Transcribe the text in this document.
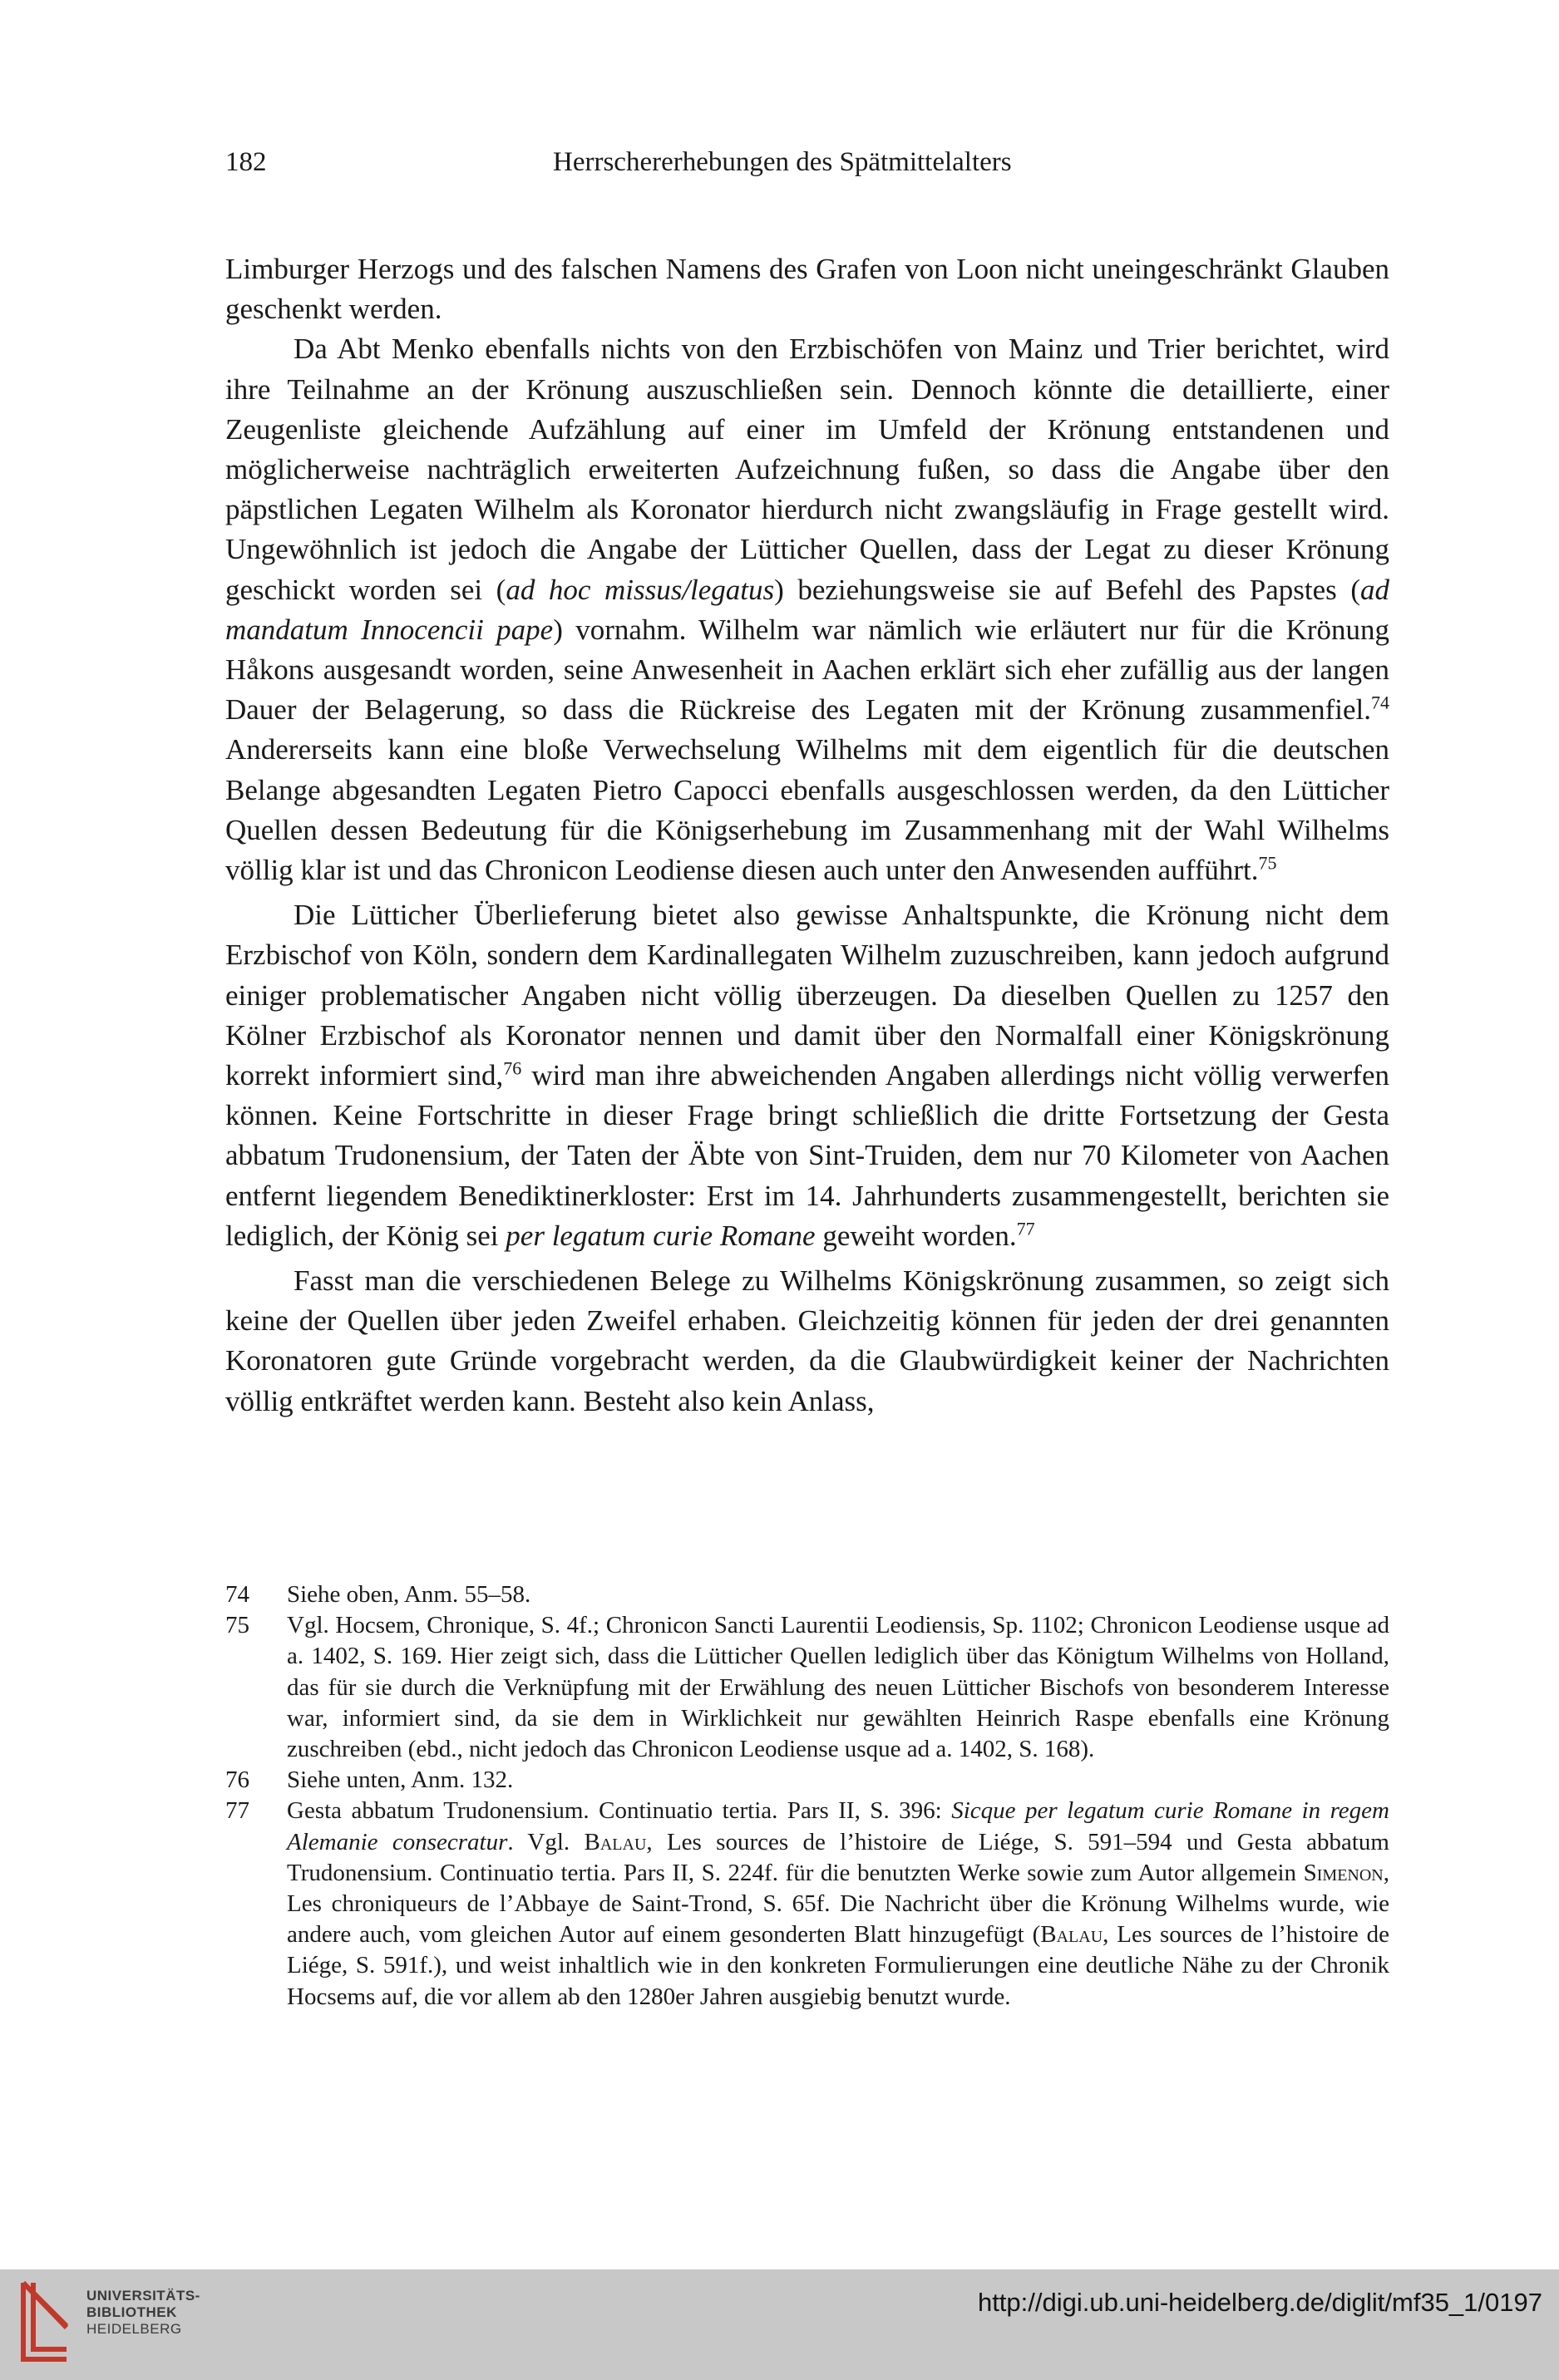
182	Herrschererhebungen des Spätmittelalters

Limburger Herzogs und des falschen Namens des Grafen von Loon nicht uneingeschränkt Glauben geschenkt werden.

Da Abt Menko ebenfalls nichts von den Erzbischöfen von Mainz und Trier berichtet, wird ihre Teilnahme an der Krönung auszuschließen sein. Dennoch könnte die detaillierte, einer Zeugenliste gleichende Aufzählung auf einer im Umfeld der Krönung entstandenen und möglicherweise nachträglich erweiterten Aufzeichnung fußen, so dass die Angabe über den päpstlichen Legaten Wilhelm als Koronator hierdurch nicht zwangsläufig in Frage gestellt wird. Ungewöhnlich ist jedoch die Angabe der Lütticher Quellen, dass der Legat zu dieser Krönung geschickt worden sei (ad hoc missus/legatus) beziehungsweise sie auf Befehl des Papstes (ad mandatum Innocencii pape) vornahm. Wilhelm war nämlich wie erläutert nur für die Krönung Håkons ausgesandt worden, seine Anwesenheit in Aachen erklärt sich eher zufällig aus der langen Dauer der Belagerung, so dass die Rückreise des Legaten mit der Krönung zusammenfiel.$^{74}$ Andererseits kann eine bloße Verwechselung Wilhelms mit dem eigentlich für die deutschen Belange abgesandten Legaten Pietro Capocci ebenfalls ausgeschlossen werden, da den Lütticher Quellen dessen Bedeutung für die Königserhebung im Zusammenhang mit der Wahl Wilhelms völlig klar ist und das Chronicon Leodiense diesen auch unter den Anwesenden aufführt.$^{75}$

Die Lütticher Überlieferung bietet also gewisse Anhaltspunkte, die Krönung nicht dem Erzbischof von Köln, sondern dem Kardinallegaten Wilhelm zuzuschreiben, kann jedoch aufgrund einiger problematischer Angaben nicht völlig überzeugen. Da dieselben Quellen zu 1257 den Kölner Erzbischof als Koronator nennen und damit über den Normalfall einer Königskrönung korrekt informiert sind,$^{76}$ wird man ihre abweichenden Angaben allerdings nicht völlig verwerfen können. Keine Fortschritte in dieser Frage bringt schließlich die dritte Fortsetzung der Gesta abbatum Trudonensium, der Taten der Äbte von Sint-Truiden, dem nur 70 Kilometer von Aachen entfernt liegendem Benediktinerkloster: Erst im 14. Jahrhunderts zusammengestellt, berichten sie lediglich, der König sei per legatum curie Romane geweiht worden.$^{77}$

Fasst man die verschiedenen Belege zu Wilhelms Königskrönung zusammen, so zeigt sich keine der Quellen über jeden Zweifel erhaben. Gleichzeitig können für jeden der drei genannten Koronatoren gute Gründe vorgebracht werden, da die Glaubwürdigkeit keiner der Nachrichten völlig entkräftet werden kann. Besteht also kein Anlass,

74 Siehe oben, Anm. 55–58.
75 Vgl. Hocsem, Chronique, S. 4f.; Chronicon Sancti Laurentii Leodiensis, Sp. 1102; Chronicon Leodiense usque ad a. 1402, S. 169. Hier zeigt sich, dass die Lütticher Quellen lediglich über das Königtum Wilhelms von Holland, das für sie durch die Verknüpfung mit der Erwählung des neuen Lütticher Bischofs von besonderem Interesse war, informiert sind, da sie dem in Wirklichkeit nur gewählten Heinrich Raspe ebenfalls eine Krönung zuschreiben (ebd., nicht jedoch das Chronicon Leodiense usque ad a. 1402, S. 168).
76 Siehe unten, Anm. 132.
77 Gesta abbatum Trudonensium. Continuatio tertia. Pars II, S. 396: Sicque per legatum curie Romane in regem Alemanie consecratur. Vgl. Balau, Les sources de l’histoire de Liége, S. 591–594 und Gesta abbatum Trudonensium. Continuatio tertia. Pars II, S. 224f. für die benutzten Werke sowie zum Autor allgemein Simenon, Les chroniqueurs de l’Abbaye de Saint-Trond, S. 65f. Die Nachricht über die Krönung Wilhelms wurde, wie andere auch, vom gleichen Autor auf einem gesonderten Blatt hinzugefügt (Balau, Les sources de l’histoire de Liége, S. 591f.), und weist inhaltlich wie in den konkreten Formulierungen eine deutliche Nähe zu der Chronik Hocsems auf, die vor allem ab den 1280er Jahren ausgiebig benutzt wurde.
UNIVERSITÄTS-
BIBLIOTHEK
HEIDELBERG
http://digi.ub.uni-heidelberg.de/diglit/mf35_1/0197
